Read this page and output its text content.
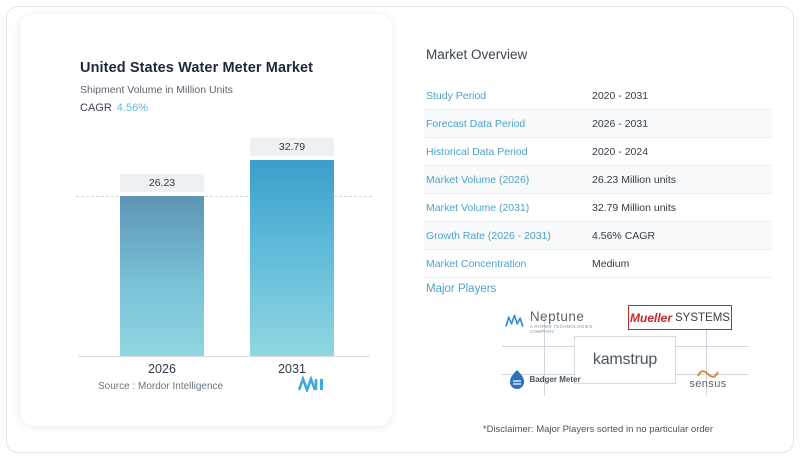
United States Water Meter Market
Shipment Volume in Million Units
CAGR 4.56%
26.23
32.79
2026	2031
Source : Mordor Intelligence
Market Overview
Study Period	2020 - 2031
Forecast Data Period	2026 - 2031
Historical Data Period	2020 - 2024
Market Volume (2026)	26.23 Million units
Market Volume (2031)	32.79 Million units
Growth Rate (2026 - 2031)	4.56% CAGR
Market Concentration	Medium
Major Players
Neptune
A ROPER TECHNOLOGIES COMPANY
Mueller SYSTEMS
kamstrup
Badger Meter	sensus
*Disclaimer: Major Players sorted in no particular order
